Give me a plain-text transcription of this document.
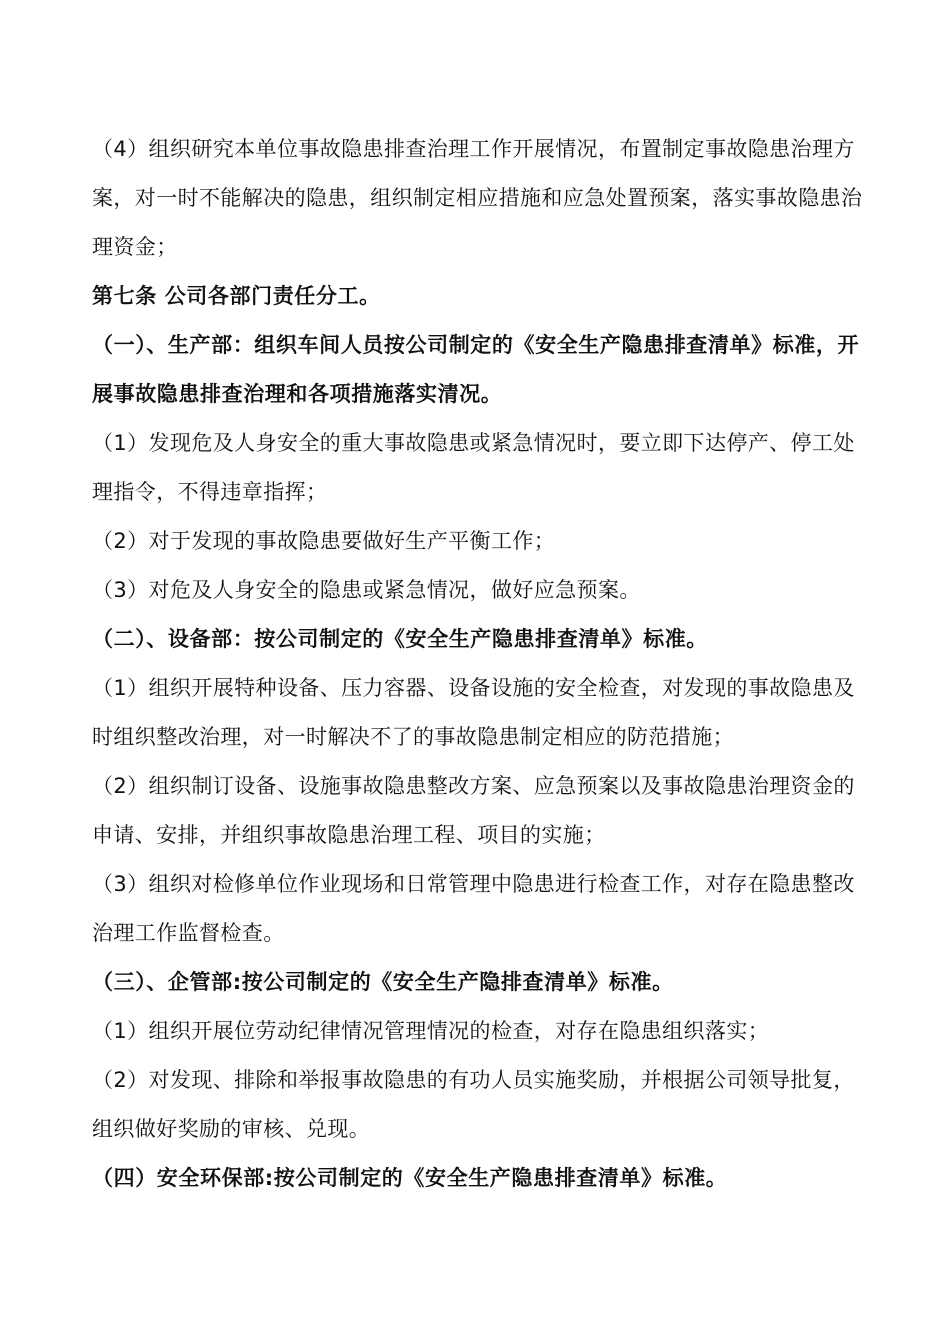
（4）组织研究本单位事故隐患排查治理工作开展情况，布置制定事故隐患治理方案，对一时不能解决的隐患，组织制定相应措施和应急处置预案，落实事故隐患治理资金；

第七条 公司各部门责任分工。

（一）、生产部：组织车间人员按公司制定的《安全生产隐患排查清单》标准，开展事故隐患排查治理和各项措施落实清况。

（1）发现危及人身安全的重大事故隐患或紧急情况时，要立即下达停产、停工处理指令，不得违章指挥；

（2）对于发现的事故隐患要做好生产平衡工作；

（3）对危及人身安全的隐患或紧急情况，做好应急预案。

（二）、设备部：按公司制定的《安全生产隐患排查清单》标准。

（1）组织开展特种设备、压力容器、设备设施的安全检查，对发现的事故隐患及时组织整改治理，对一时解决不了的事故隐患制定相应的防范措施；

（2）组织制订设备、设施事故隐患整改方案、应急预案以及事故隐患治理资金的申请、安排，并组织事故隐患治理工程、项目的实施；

（3）组织对检修单位作业现场和日常管理中隐患进行检查工作，对存在隐患整改治理工作监督检查。

（三）、企管部:按公司制定的《安全生产隐排查清单》标准。

（1）组织开展位劳动纪律情况管理情况的检查，对存在隐患组织落实；

（2）对发现、排除和举报事故隐患的有功人员实施奖励，并根据公司领导批复，组织做好奖励的审核、兑现。

（四）安全环保部:按公司制定的《安全生产隐患排查清单》标准。
